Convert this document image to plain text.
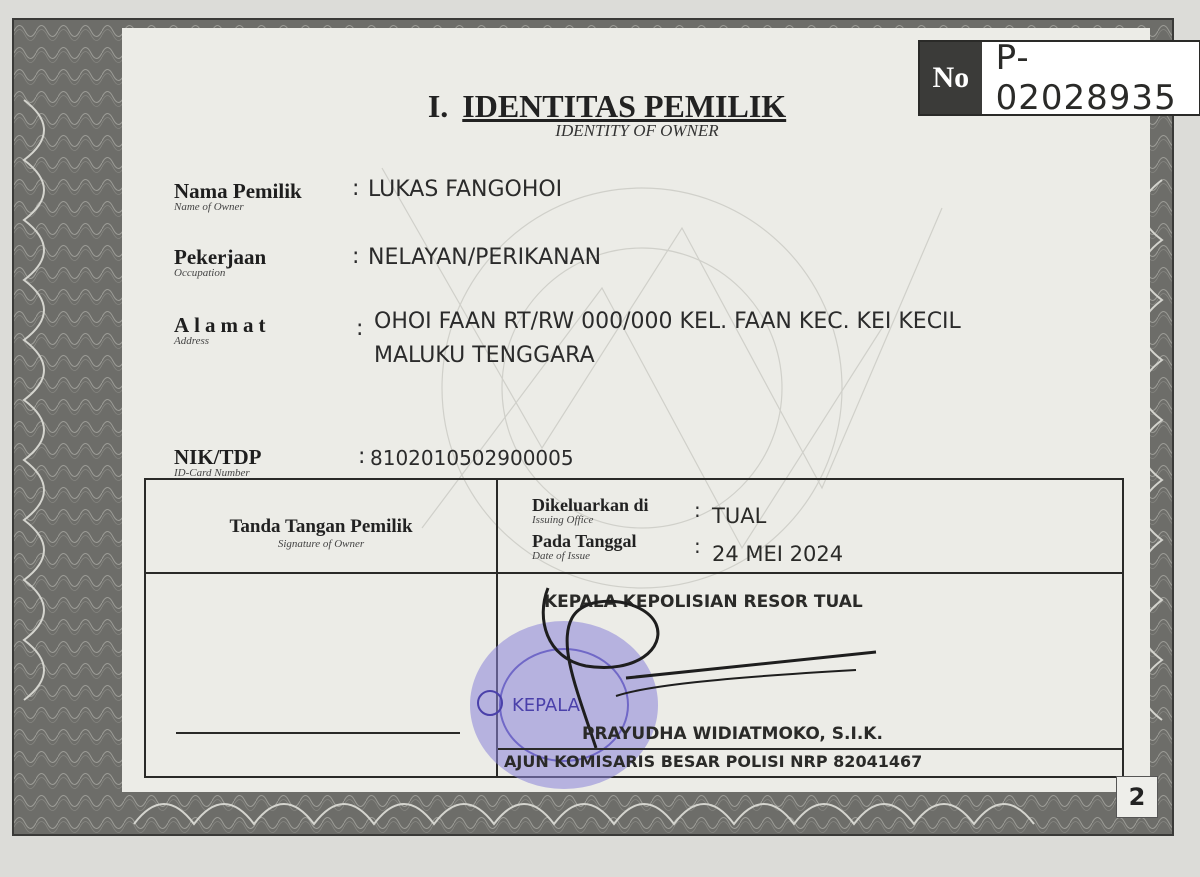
No P-02028935
I. IDENTITAS PEMILIK
IDENTITY OF OWNER
Nama Pemilik
Name of Owner
: LUKAS FANGOHOI
Pekerjaan
Occupation
: NELAYAN/PERIKANAN
Alamat
Address	: OHOI FAAN RT/RW 000/000 KEL. FAAN KEC. KEI KECIL
MALUKU TENGGARA
NIK/TDP
ID-Card Number
: 8102010502900005
Tanda Tangan Pemilik
Signature of Owner
Dikeluarkan di
Issuing Office	: TUAL
Pada Tanggal
Date of Issue	: 24 MEI 2024
KEPALA
KEPALA KEPOLISIAN RESOR TUAL
PRAYUDHA WIDIATMOKO, S.I.K.
AJUN KOMISARIS BESAR POLISI NRP 82041467
2
